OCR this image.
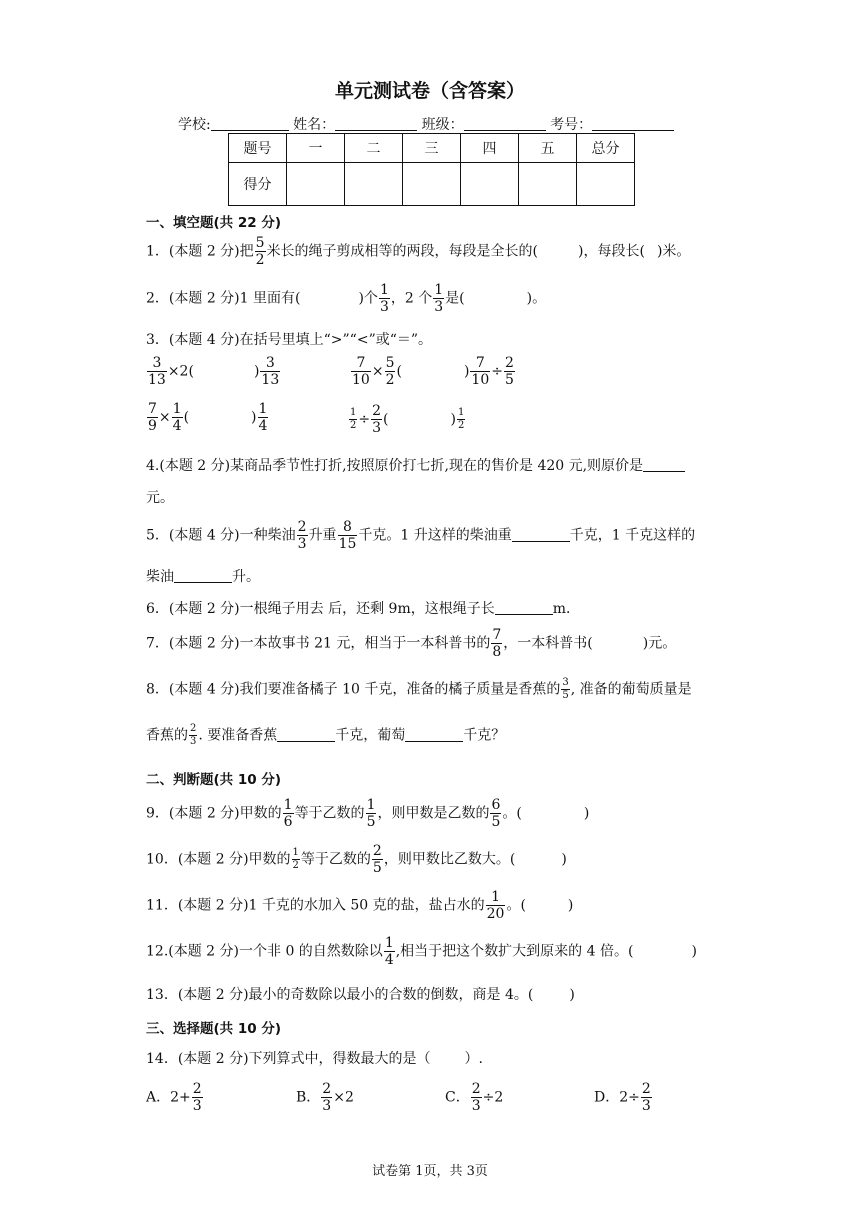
单元测试卷（含答案）
学校:	姓名：	班级：	考号：
题号	一	二	三	四	五	总分
得分						
一、填空题(共 22 分)
1．(本题 2 分)把 $\frac{5}{2}$ 米长的绳子剪成相等的两段，每段是全长的(	)，每段长( )米。
2．(本题 2 分)1 里面有(	)个 $\frac{1}{3}$ ，2 个 $\frac{1}{3}$ 是(	)。
3．(本题 4 分)在括号里填上“>”“<”或“＝”。
$\frac{3}{13} \times 2$(	) $\frac{3}{13}$	$\frac{7}{10} \times \frac{5}{2}$ (	) $\frac{7}{10} \div \frac{2}{5}$
$\frac{7}{9} \times \frac{1}{4}$ (	) $\frac{1}{4}$	$\frac{1}{2} \div \frac{2}{3}$ (	) $\frac{1}{2}$
4.(本题 2 分)某商品季节性打折,按照原价打七折,现在的售价是 420 元,则原价是
元。
5．(本题 4 分)一种柴油 $\frac{2}{3}$ 升重 $\frac{8}{15}$ 千克。1 升这样的柴油重	千克，1 千克这样的
柴油	升。
6．(本题 2 分)一根绳子用去 后，还剩 9m，这根绳子长	m．
7．(本题 2 分)一本故事书 21 元，相当于一本科普书的 $\frac{7}{8}$ ，一本科普书(	)元。
8．(本题 4 分)我们要准备橘子 10 千克，准备的橘子质量是香蕉的 $\frac{3}{5}$ , 准备的葡萄质量是
香蕉的 $\frac{2}{3}$ . 要准备香蕉	千克，葡萄	千克？
二、判断题(共 10 分)
9．(本题 2 分)甲数的 $\frac{1}{6}$ 等于乙数的 $\frac{1}{5}$ ，则甲数是乙数的 $\frac{6}{5}$ 。(	)
10．(本题 2 分)甲数的 $\frac{1}{2}$ 等于乙数的 $\frac{2}{5}$ ，则甲数比乙数大。(	)
11．(本题 2 分)1 千克的水加入 50 克的盐，盐占水的 $\frac{1}{20}$ 。(	)
12.(本题 2 分)一个非 0 的自然数除以 $\frac{1}{4}$ ,相当于把这个数扩大到原来的 4 倍。(	)
13．(本题 2 分)最小的奇数除以最小的合数的倒数，商是 4。(	)
三、选择题(共 10 分)
14．(本题 2 分)下列算式中，得数最大的是（ ）.
A．$2+ \frac{2}{3}$	B． $\frac{2}{3} \times 2$	C． $\frac{2}{3} \div 2$	D．$2\div \frac{2}{3}$
试卷第 1页，共 3页
